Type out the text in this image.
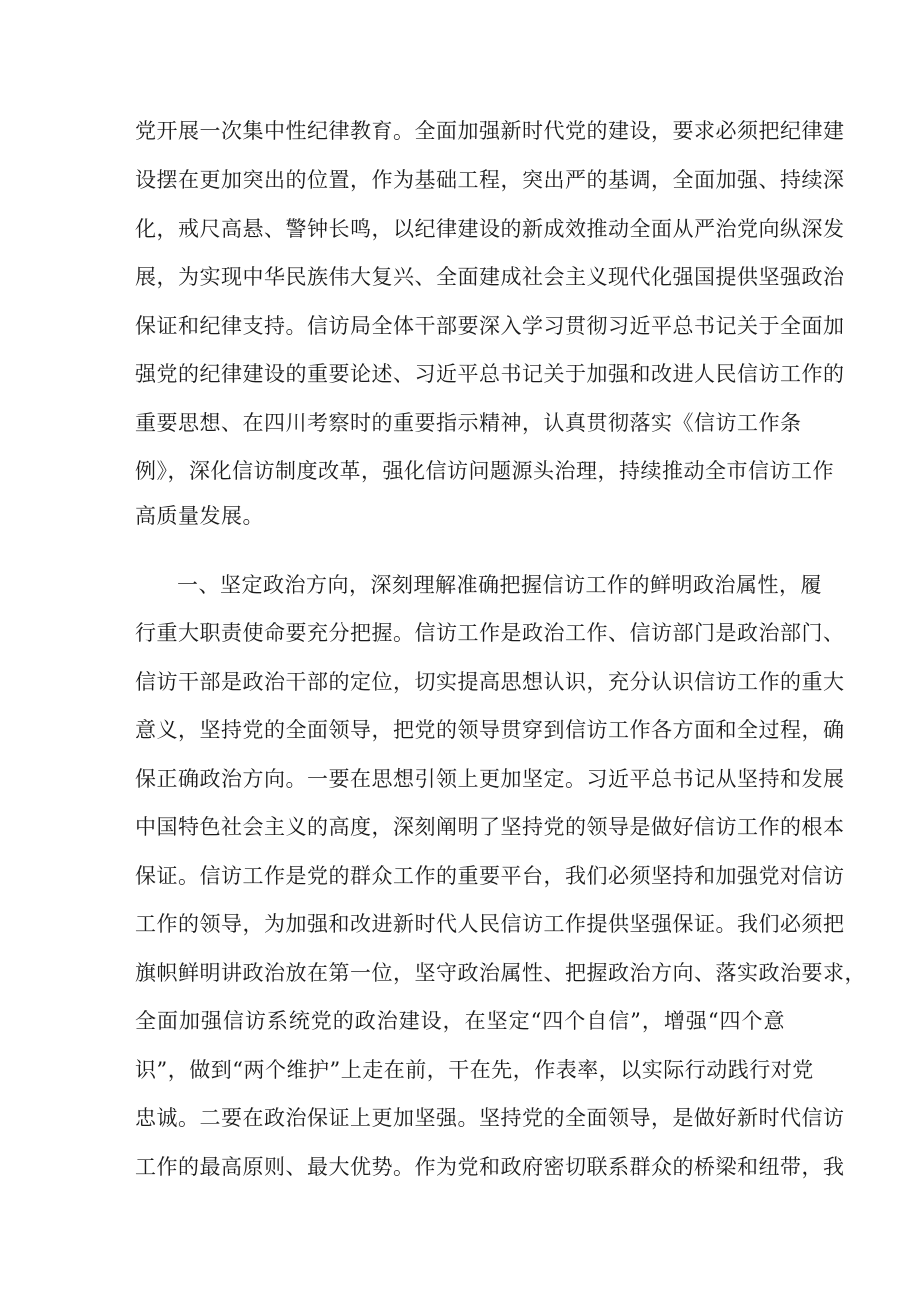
党开展一次集中性纪律教育。全面加强新时代党的建设，要求必须把纪律建
设摆在更加突出的位置，作为基础工程，突出严的基调，全面加强、持续深
化，戒尺高悬、警钟长鸣，以纪律建设的新成效推动全面从严治党向纵深发
展，为实现中华民族伟大复兴、全面建成社会主义现代化强国提供坚强政治
保证和纪律支持。信访局全体干部要深入学习贯彻习近平总书记关于全面加
强党的纪律建设的重要论述、习近平总书记关于加强和改进人民信访工作的
重要思想、在四川考察时的重要指示精神，认真贯彻落实《信访工作条
例》，深化信访制度改革，强化信访问题源头治理，持续推动全市信访工作
高质量发展。
一、坚定政治方向，深刻理解准确把握信访工作的鲜明政治属性，履
行重大职责使命要充分把握。信访工作是政治工作、信访部门是政治部门、
信访干部是政治干部的定位，切实提高思想认识，充分认识信访工作的重大
意义，坚持党的全面领导，把党的领导贯穿到信访工作各方面和全过程，确
保正确政治方向。一要在思想引领上更加坚定。习近平总书记从坚持和发展
中国特色社会主义的高度，深刻阐明了坚持党的领导是做好信访工作的根本
保证。信访工作是党的群众工作的重要平台，我们必须坚持和加强党对信访
工作的领导，为加强和改进新时代人民信访工作提供坚强保证。我们必须把
旗帜鲜明讲政治放在第一位，坚守政治属性、把握政治方向、落实政治要求，
全面加强信访系统党的政治建设，在坚定“四个自信”，增强“四个意
识”，做到“两个维护”上走在前，干在先，作表率，以实际行动践行对党
忠诚。二要在政治保证上更加坚强。坚持党的全面领导，是做好新时代信访
工作的最高原则、最大优势。作为党和政府密切联系群众的桥梁和纽带，我
